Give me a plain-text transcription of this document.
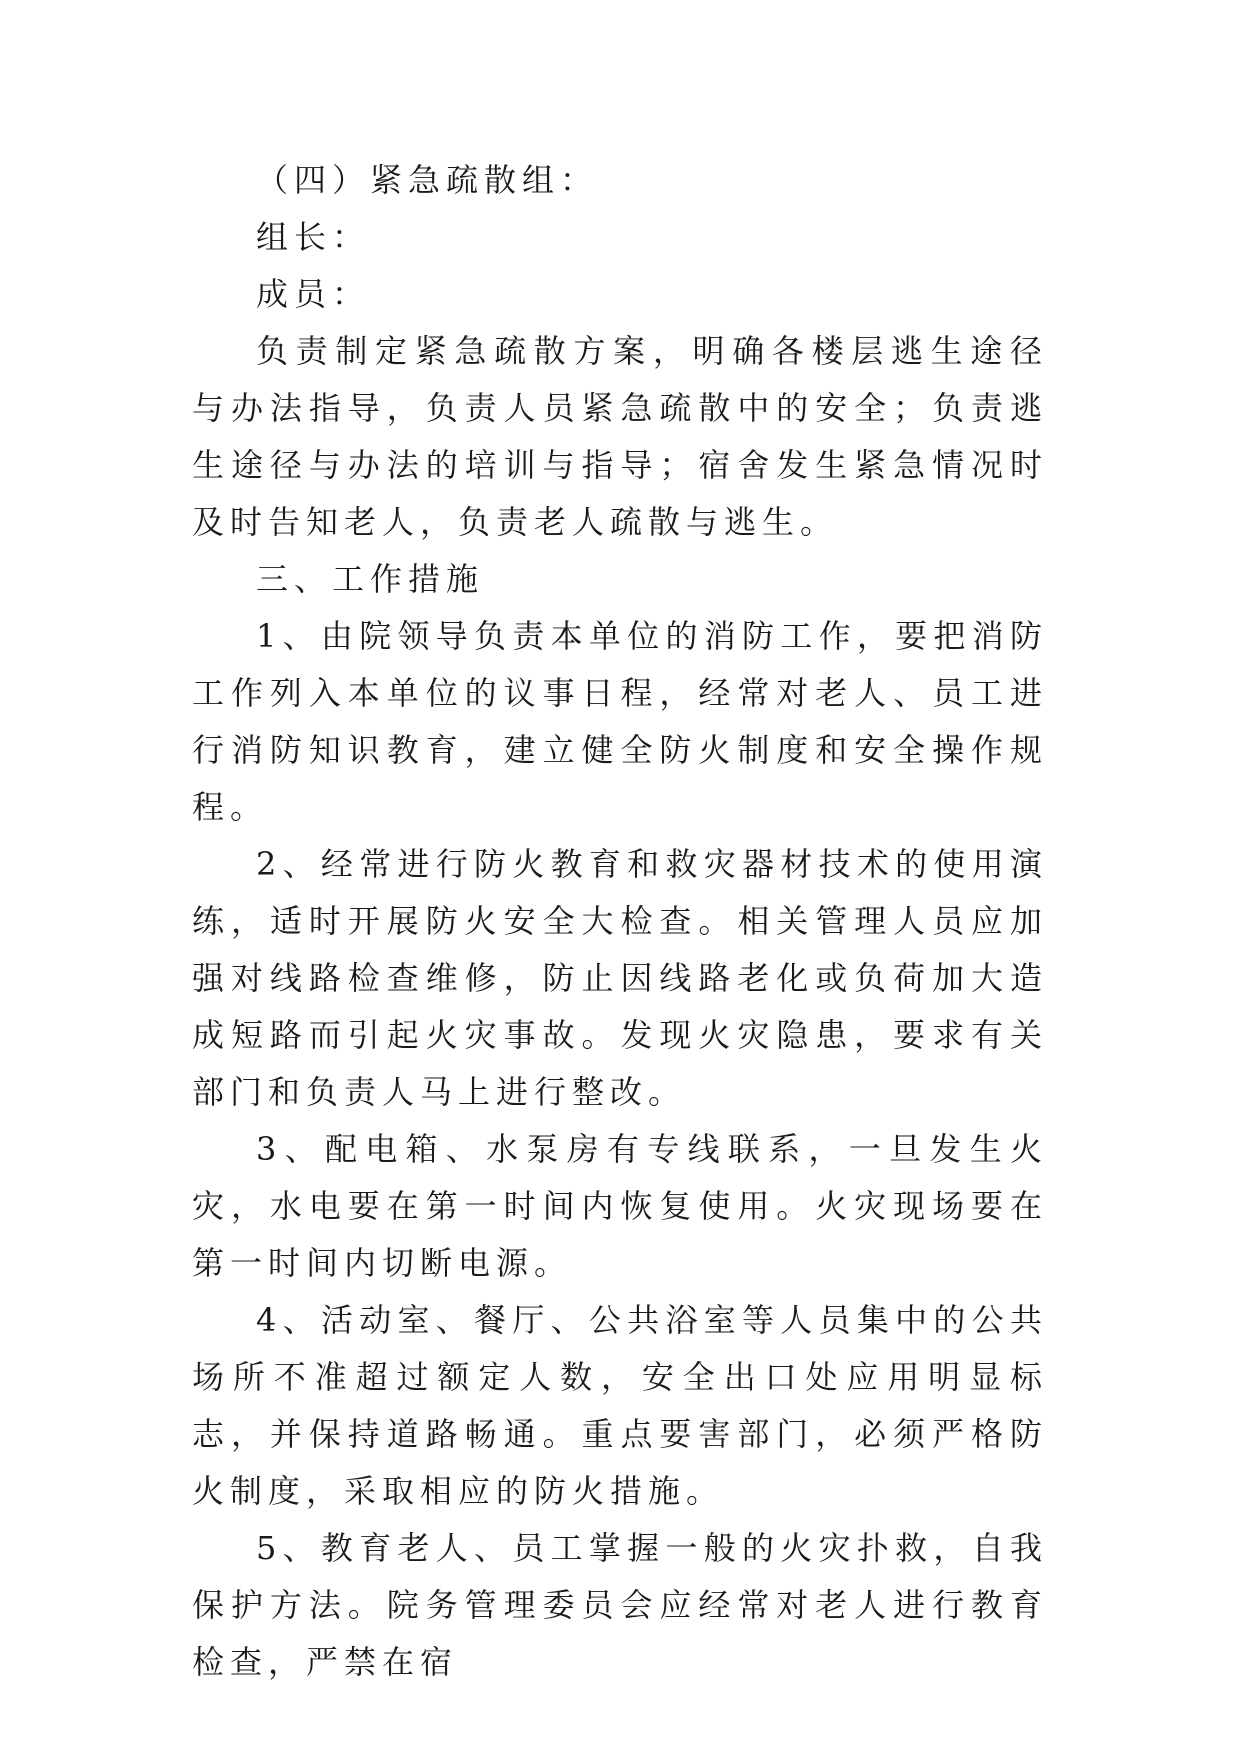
（四）紧急疏散组：

组长：

成员：

负责制定紧急疏散方案，明确各楼层逃生途径与办法指导，负责人员紧急疏散中的安全；负责逃生途径与办法的培训与指导；宿舍发生紧急情况时及时告知老人，负责老人疏散与逃生。

三、工作措施

1、由院领导负责本单位的消防工作，要把消防工作列入本单位的议事日程，经常对老人、员工进行消防知识教育，建立健全防火制度和安全操作规程。

2、经常进行防火教育和救灾器材技术的使用演练，适时开展防火安全大检查。相关管理人员应加强对线路检查维修，防止因线路老化或负荷加大造成短路而引起火灾事故。发现火灾隐患，要求有关部门和负责人马上进行整改。

3、配电箱、水泵房有专线联系，一旦发生火灾，水电要在第一时间内恢复使用。火灾现场要在第一时间内切断电源。

4、活动室、餐厅、公共浴室等人员集中的公共场所不准超过额定人数，安全出口处应用明显标志，并保持道路畅通。重点要害部门，必须严格防火制度，采取相应的防火措施。

5、教育老人、员工掌握一般的火灾扑救，自我保护方法。院务管理委员会应经常对老人进行教育检查，严禁在宿
